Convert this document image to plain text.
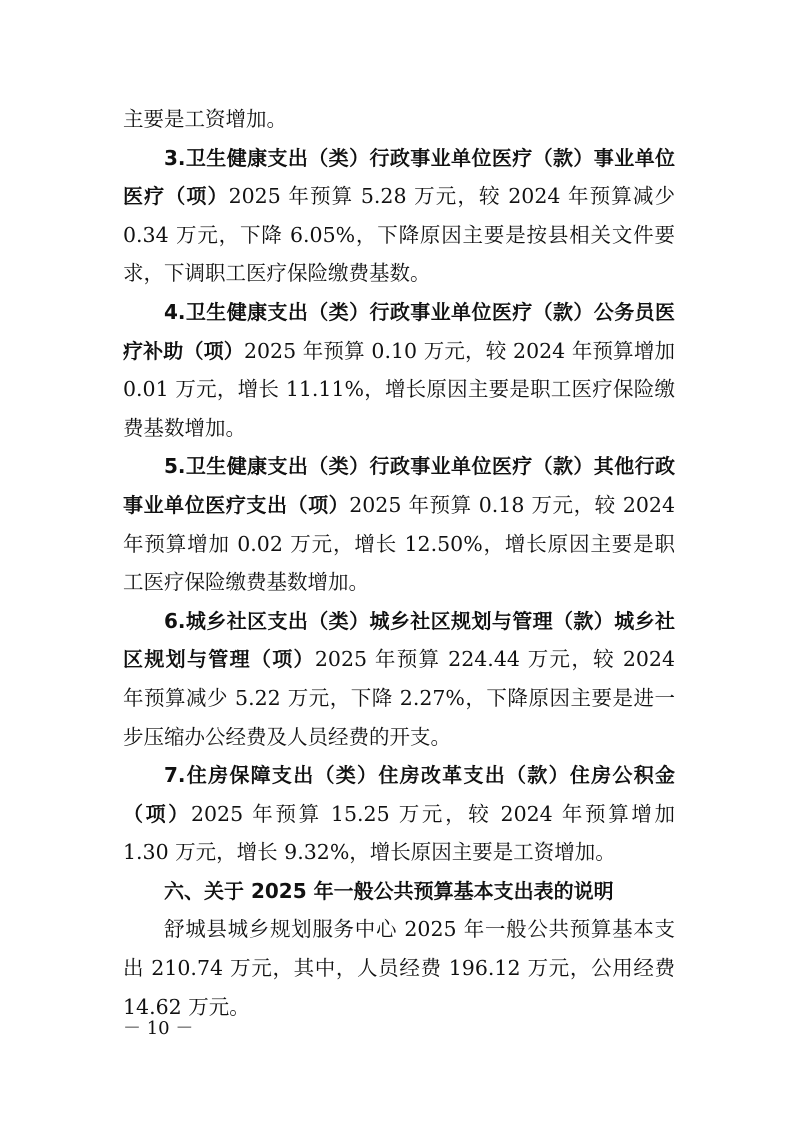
主要是工资增加。

3.卫生健康支出（类）行政事业单位医疗（款）事业单位医疗（项）2025 年预算 5.28 万元，较 2024 年预算减少 0.34 万元，下降 6.05%，下降原因主要是按县相关文件要求，下调职工医疗保险缴费基数。

4.卫生健康支出（类）行政事业单位医疗（款）公务员医疗补助（项）2025 年预算 0.10 万元，较 2024 年预算增加 0.01 万元，增长 11.11%，增长原因主要是职工医疗保险缴费基数增加。

5.卫生健康支出（类）行政事业单位医疗（款）其他行政事业单位医疗支出（项）2025 年预算 0.18 万元，较 2024 年预算增加 0.02 万元，增长 12.50%，增长原因主要是职工医疗保险缴费基数增加。

6.城乡社区支出（类）城乡社区规划与管理（款）城乡社区规划与管理（项）2025 年预算 224.44 万元，较 2024 年预算减少 5.22 万元，下降 2.27%，下降原因主要是进一步压缩办公经费及人员经费的开支。

7.住房保障支出（类）住房改革支出（款）住房公积金（项）2025 年预算 15.25 万元，较 2024 年预算增加 1.30 万元，增长 9.32%，增长原因主要是工资增加。

六、关于 2025 年一般公共预算基本支出表的说明

舒城县城乡规划服务中心 2025 年一般公共预算基本支出 210.74 万元，其中，人员经费 196.12 万元，公用经费 14.62 万元。

－ 10 －
